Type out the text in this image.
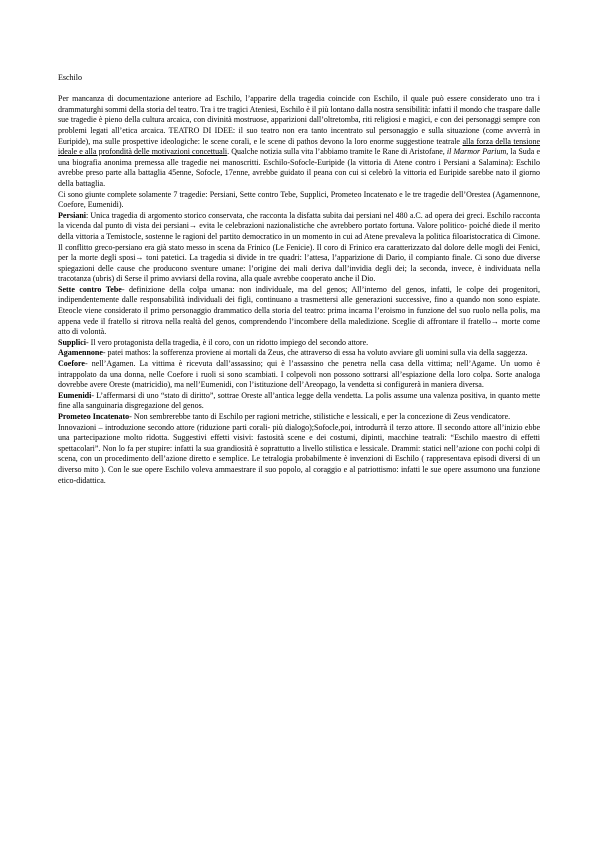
Eschilo

Per mancanza di documentazione anteriore ad Eschilo, l’apparire della tragedia coincide con Eschilo, il quale può essere considerato uno tra i drammaturghi sommi della storia del teatro. Tra i tre tragici Ateniesi, Eschilo è il più lontano dalla nostra sensibilità: infatti il mondo che traspare dalle sue tragedie è pieno della cultura arcaica, con divinità mostruose, apparizioni dall’oltretomba, riti religiosi e magici, e con dei personaggi sempre con problemi legati all’etica arcaica. TEATRO DI IDEE: il suo teatro non era tanto incentrato sul personaggio e sulla situazione (come avverrà in Euripide), ma sulle prospettive ideologiche: le scene corali, e le scene di pathos devono la loro enorme suggestione teatrale alla forza della tensione ideale e alla profondità delle motivazioni concettuali. Qualche notizia sulla vita l’abbiamo tramite le Rane di Aristofane, il Marmor Parium, la Suda e una biografia anonima premessa alle tragedie nei manoscritti. Eschilo-Sofocle-Euripide (la vittoria di Atene contro i Persiani a Salamina): Eschilo avrebbe preso parte alla battaglia 45enne, Sofocle, 17enne, avrebbe guidato il peana con cui si celebrò la vittoria ed Euripide sarebbe nato il giorno della battaglia.

Ci sono giunte complete solamente 7 tragedie: Persiani, Sette contro Tebe, Supplici, Prometeo Incatenato e le tre tragedie dell’Orestea (Agamennone, Coefore, Eumenidi).

Persiani: Unica tragedia di argomento storico conservata, che racconta la disfatta subita dai persiani nel 480 a.C. ad opera dei greci. Eschilo racconta la vicenda dal punto di vista dei persiani→ evita le celebrazioni nazionalistiche che avrebbero portato fortuna. Valore politico- poiché diede il merito della vittoria a Temistocle, sostenne le ragioni del partito democratico in un momento in cui ad Atene prevaleva la politica filoaristocratica di Cimone. Il conflitto greco-persiano era già stato messo in scena da Frinico (Le Fenicie). Il coro di Frinico era caratterizzato dal dolore delle mogli dei Fenici, per la morte degli sposi→ toni patetici. La tragedia si divide in tre quadri: l’attesa, l’apparizione di Dario, il compianto finale. Ci sono due diverse spiegazioni delle cause che producono sventure umane: l’origine dei mali deriva dall’invidia degli dei; la seconda, invece, è individuata nella tracotanza (ubris) di Serse il primo avviarsi della rovina, alla quale avrebbe cooperato anche il Dio.

Sette contro Tebe- definizione della colpa umana: non individuale, ma del genos; All’interno del genos, infatti, le colpe dei progenitori, indipendentemente dalle responsabilità individuali dei figli, continuano a trasmettersi alle generazioni successive, fino a quando non sono espiate. Eteocle viene considerato il primo personaggio drammatico della storia del teatro: prima incarna l’eroismo in funzione del suo ruolo nella polis, ma appena vede il fratello si ritrova nella realtà del genos, comprendendo l’incombere della maledizione. Sceglie di affrontare il fratello→ morte come atto di volontà.

Supplici- Il vero protagonista della tragedia, è il coro, con un ridotto impiego del secondo attore.

Agamennone- patei mathos: la sofferenza proviene ai mortali da Zeus, che attraverso di essa ha voluto avviare gli uomini sulla via della saggezza.

Coefore- nell’Agamen. La vittima è ricevuta dall’assassino; qui è l’assassino che penetra nella casa della vittima; nell’Agame. Un uomo è intrappolato da una donna, nelle Coefore i ruoli si sono scambiati. I colpevoli non possono sottrarsi all’espiazione della loro colpa. Sorte analoga dovrebbe avere Oreste (matricidio), ma nell’Eumenidi, con l’istituzione dell’Areopago, la vendetta si configurerà in maniera diversa.

Eumenidi- L’affermarsi di uno “stato di diritto”, sottrae Oreste all’antica legge della vendetta. La polis assume una valenza positiva, in quanto mette fine alla sanguinaria disgregazione del genos.

Prometeo Incatenato- Non sembrerebbe tanto di Eschilo per ragioni metriche, stilistiche e lessicali, e per la concezione di Zeus vendicatore.

Innovazioni – introduzione secondo attore (riduzione parti corali- più dialogo);Sofocle,poi, introdurrà il terzo attore. Il secondo attore all’inizio ebbe una partecipazione molto ridotta. Suggestivi effetti visivi: fastosità scene e dei costumi, dipinti, macchine teatrali: “Eschilo maestro di effetti spettacolari”. Non lo fa per stupire: infatti la sua grandiosità è soprattutto a livello stilistica e lessicale. Drammi: statici nell’azione con pochi colpi di scena, con un procedimento dell’azione diretto e semplice. Le tetralogia probabilmente è invenzioni di Eschilo ( rappresentava episodi diversi di un diverso mito ). Con le sue opere Eschilo voleva ammaestrare il suo popolo, al coraggio e al patriottismo: infatti le sue opere assumono una funzione etico-didattica.
